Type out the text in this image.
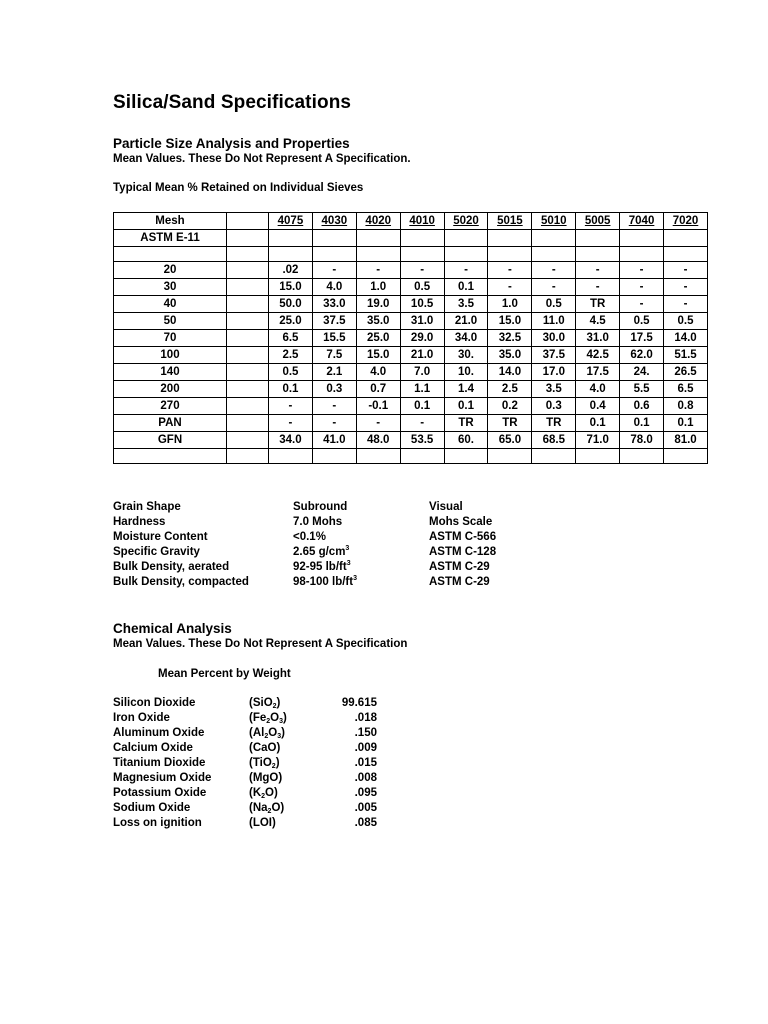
Silica/Sand Specifications
Particle Size Analysis and Properties
Mean Values. These Do Not Represent A Specification.
Typical Mean % Retained on Individual Sieves
Mesh		4075	4030	4020	4010	5020	5015	5010	5005	7040	7020
ASTM E-11											

20		.02	-	-	-	-	-	-	-	-	-
30		15.0	4.0	1.0	0.5	0.1	-	-	-	-	-
40		50.0	33.0	19.0	10.5	3.5	1.0	0.5	TR	-	-
50		25.0	37.5	35.0	31.0	21.0	15.0	11.0	4.5	0.5	0.5
70		6.5	15.5	25.0	29.0	34.0	32.5	30.0	31.0	17.5	14.0
100		2.5	7.5	15.0	21.0	30.	35.0	37.5	42.5	62.0	51.5
140		0.5	2.1	4.0	7.0	10.	14.0	17.0	17.5	24.	26.5
200		0.1	0.3	0.7	1.1	1.4	2.5	3.5	4.0	5.5	6.5
270		-	-	-0.1	0.1	0.1	0.2	0.3	0.4	0.6	0.8
PAN		-	-	-	-	TR	TR	TR	0.1	0.1	0.1
GFN		34.0	41.0	48.0	53.5	60.	65.0	68.5	71.0	78.0	81.0

Grain Shape	Subround	Visual
Hardness	7.0 Mohs	Mohs Scale
Moisture Content	<0.1%	ASTM C-566
Specific Gravity	2.65 $g/cm^3$	ASTM C-128
Bulk Density, aerated	92-95 $lb/ft^3$	ASTM C-29
Bulk Density, compacted	98-100 $lb/ft^3$	ASTM C-29
Chemical Analysis
Mean Values. These Do Not Represent A Specification
Mean Percent by Weight
Silicon Dioxide	(SiO$_2$)	99.615
Iron Oxide	$(Fe_2O_3)$	.018
Aluminum Oxide	$(Al_2O_3)$	.150
Calcium Oxide	(CaO)	.009
Titanium Dioxide	(TiO$_2$)	.015
Magnesium Oxide	(MgO)	.008
Potassium Oxide	$(K_2O)$	.095
Sodium Oxide	$(Na_2O)$	.005
Loss on ignition	(LOI)	.085
